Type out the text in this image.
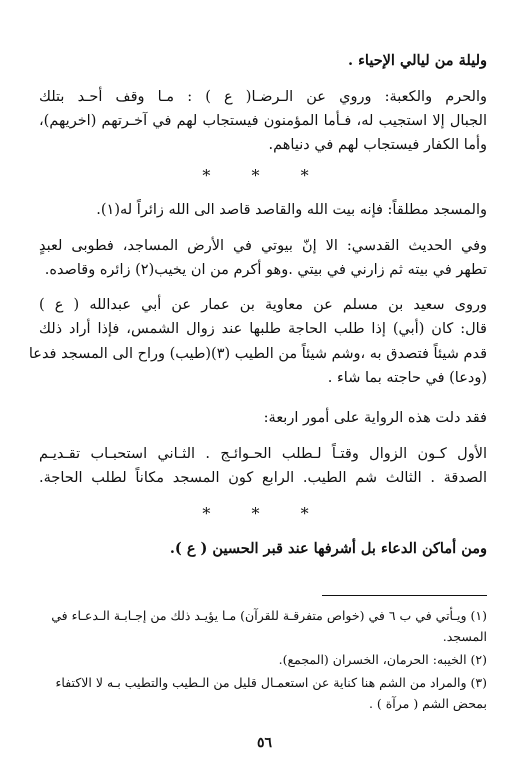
وليلة من ليالي الإحياء .
والحرم والكعبة: وروي عن الـرضـا( ع ) : مـا وقف أحـد بتلك
الجبال إلا استجيب له، فـأما المؤمنون فيستجاب لهم في آخـرتهم (اخريهم)،
وأما الكفار فيستجاب لهم في دنياهم.
* * *
والمسجد مطلقاً: فإنه بيت الله والقاصد قاصد الى الله زائراً له(١).
وفي الحديث القدسي: الا إنّ بيوتي في الأرض المساجد، فطوبى لعبدٍ
تطهر في بيته ثم زارني في بيتي .وهو أكرم من ان يخيب(٢) زائره وقاصده.
وروى سعيد بن مسلم عن معاوية بن عمار عن أبي عبدالله ( ع )
قال: كان (أبي) إذا طلب الحاجة طلبها عند زوال الشمس، فإذا أراد ذلك
قدم شيئاً فتصدق به ،وشم شيئاً من الطيب (٣)(طيب) وراح الى المسجد فدعا
(ودعا) في حاجته بما شاء .
فقد دلت هذه الرواية على أمور اربعة:
الأول كـون الزوال وقتـاً لـطلب الحـوائـج . الثـاني استحبـاب تقـديـم
الصدقة . الثالث شم الطيب. الرابع كون المسجد مكاناً لطلب الحاجة.
* * *
ومن أماكن الدعاء بل أشرفها عند قبر الحسين ( ع ).
(١) ويـأتي في ب ٦ في (خواص متفرقـة للقرآن) مـا يؤيـد ذلك من إجـابـة الـدعـاء في
المسجد.
(٢) الخيبه: الحرمان، الخسران (المجمع).
(٣) والمراد من الشم هنا كناية عن استعمـال قليل من الـطيب والتطيب بـه لا الاكتفاء
بمحض الشم ( مرآة ) .
٥٦
